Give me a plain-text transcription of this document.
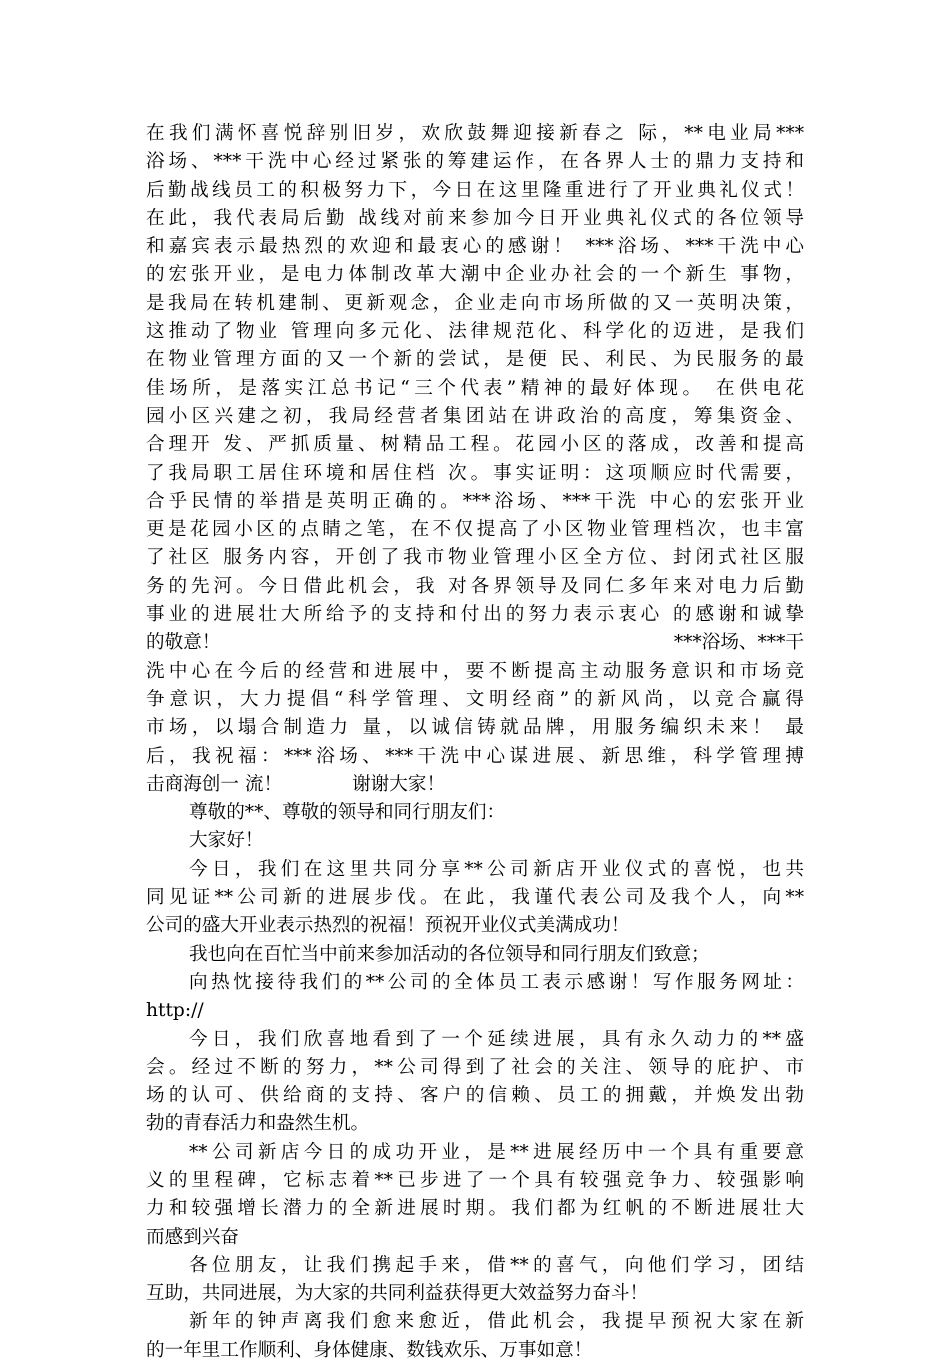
在我们满怀喜悦辞别旧岁，欢欣鼓舞迎接新春之 际，**电业局***
浴场、***干洗中心经过紧张的筹建运作，在各界人士的鼎力支持和
后勤战线员工的积极努力下，今日在这里隆重进行了开业典礼仪式！
在此，我代表局后勤 战线对前来参加今日开业典礼仪式的各位领导
和嘉宾表示最热烈的欢迎和最衷心的感谢！ ***浴场、***干洗中心
的宏张开业，是电力体制改革大潮中企业办社会的一个新生 事物，
是我局在转机建制、更新观念，企业走向市场所做的又一英明决策，
这推动了物业 管理向多元化、法律规范化、科学化的迈进，是我们
在物业管理方面的又一个新的尝试，是便 民、利民、为民服务的最
佳场所，是落实江总书记“三个代表”精神的最好体现。 在供电花
园小区兴建之初，我局经营者集团站在讲政治的高度，筹集资金、
合理开 发、严抓质量、树精品工程。花园小区的落成，改善和提高
了我局职工居住环境和居住档 次。事实证明：这项顺应时代需要，
合乎民情的举措是英明正确的。***浴场、***干洗 中心的宏张开业
更是花园小区的点睛之笔，在不仅提高了小区物业管理档次，也丰富
了社区 服务内容，开创了我市物业管理小区全方位、封闭式社区服
务的先河。今日借此机会，我 对各界领导及同仁多年来对电力后勤
事业的进展壮大所给予的支持和付出的努力表示衷心 的感谢和诚挚
的敬意！	***浴场、***干
洗中心在今后的经营和进展中，要不断提高主动服务意识和市场竞
争意识，大力提倡“科学管理、文明经商”的新风尚，以竞合赢得
市场，以塌合制造力 量，以诚信铸就品牌，用服务编织未来！ 最
后，我祝福：***浴场、***干洗中心谋进展、新思维，科学管理搏
击商海创一 流！	谢谢大家！
尊敬的**、尊敬的领导和同行朋友们：
大家好！
今日，我们在这里共同分享**公司新店开业仪式的喜悦，也共
同见证**公司新的进展步伐。在此，我谨代表公司及我个人，向**
公司的盛大开业表示热烈的祝福！预祝开业仪式美满成功！
我也向在百忙当中前来参加活动的各位领导和同行朋友们致意；
向热忱接待我们的**公司的全体员工表示感谢！写作服务网址：
http://
今日，我们欣喜地看到了一个延续进展，具有永久动力的**盛
会。经过不断的努力，**公司得到了社会的关注、领导的庇护、市
场的认可、供给商的支持、客户的信赖、员工的拥戴，并焕发出勃
勃的青春活力和盎然生机。
**公司新店今日的成功开业，是**进展经历中一个具有重要意
义的里程碑，它标志着**已步进了一个具有较强竞争力、较强影响
力和较强增长潜力的全新进展时期。我们都为红帆的不断进展壮大
而感到兴奋
各位朋友，让我们携起手来，借**的喜气，向他们学习，团结
互助，共同进展，为大家的共同利益获得更大效益努力奋斗！
新年的钟声离我们愈来愈近，借此机会，我提早预祝大家在新
的一年里工作顺利、身体健康、数钱欢乐、万事如意！
